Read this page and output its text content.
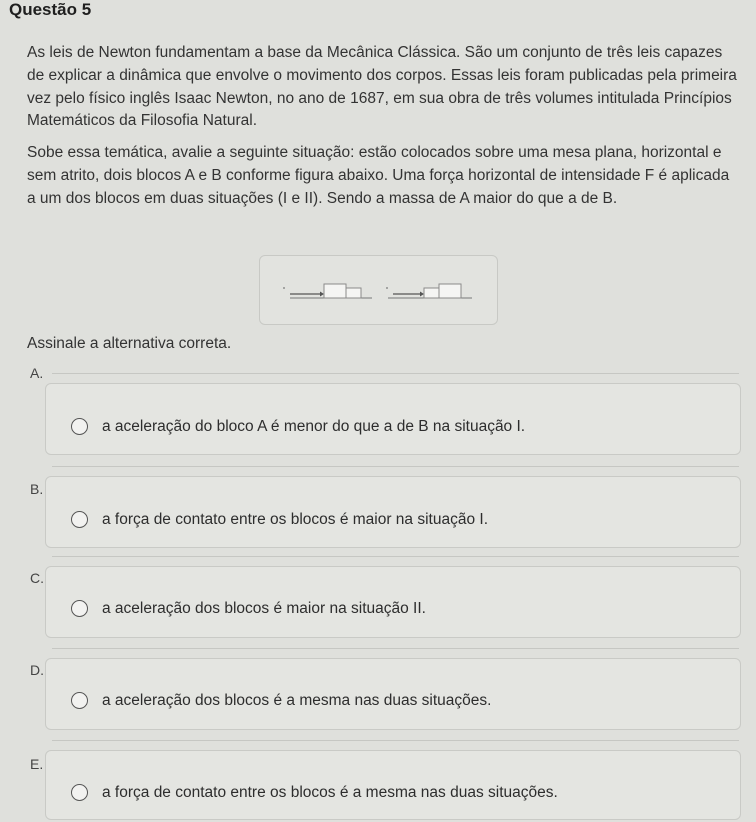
Questão 5
As leis de Newton fundamentam a base da Mecânica Clássica. São um conjunto de três leis capazes de explicar a dinâmica que envolve o movimento dos corpos. Essas leis foram publicadas pela primeira vez pelo físico inglês Isaac Newton, no ano de 1687, em sua obra de três volumes intitulada Princípios Matemáticos da Filosofia Natural.
Sobe essa temática, avalie a seguinte situação: estão colocados sobre uma mesa plana, horizontal e sem atrito, dois blocos A e B conforme figura abaixo. Uma força horizontal de intensidade F é aplicada a um dos blocos em duas situações (I e II). Sendo a massa de A maior do que a de B.
Assinale a alternativa correta.
A.
a aceleração do bloco A é menor do que a de B na situação I.
B.
a força de contato entre os blocos é maior na situação I.
C.
a aceleração dos blocos é maior na situação II.
D.
a aceleração dos blocos é a mesma nas duas situações.
E.
a força de contato entre os blocos é a mesma nas duas situações.
